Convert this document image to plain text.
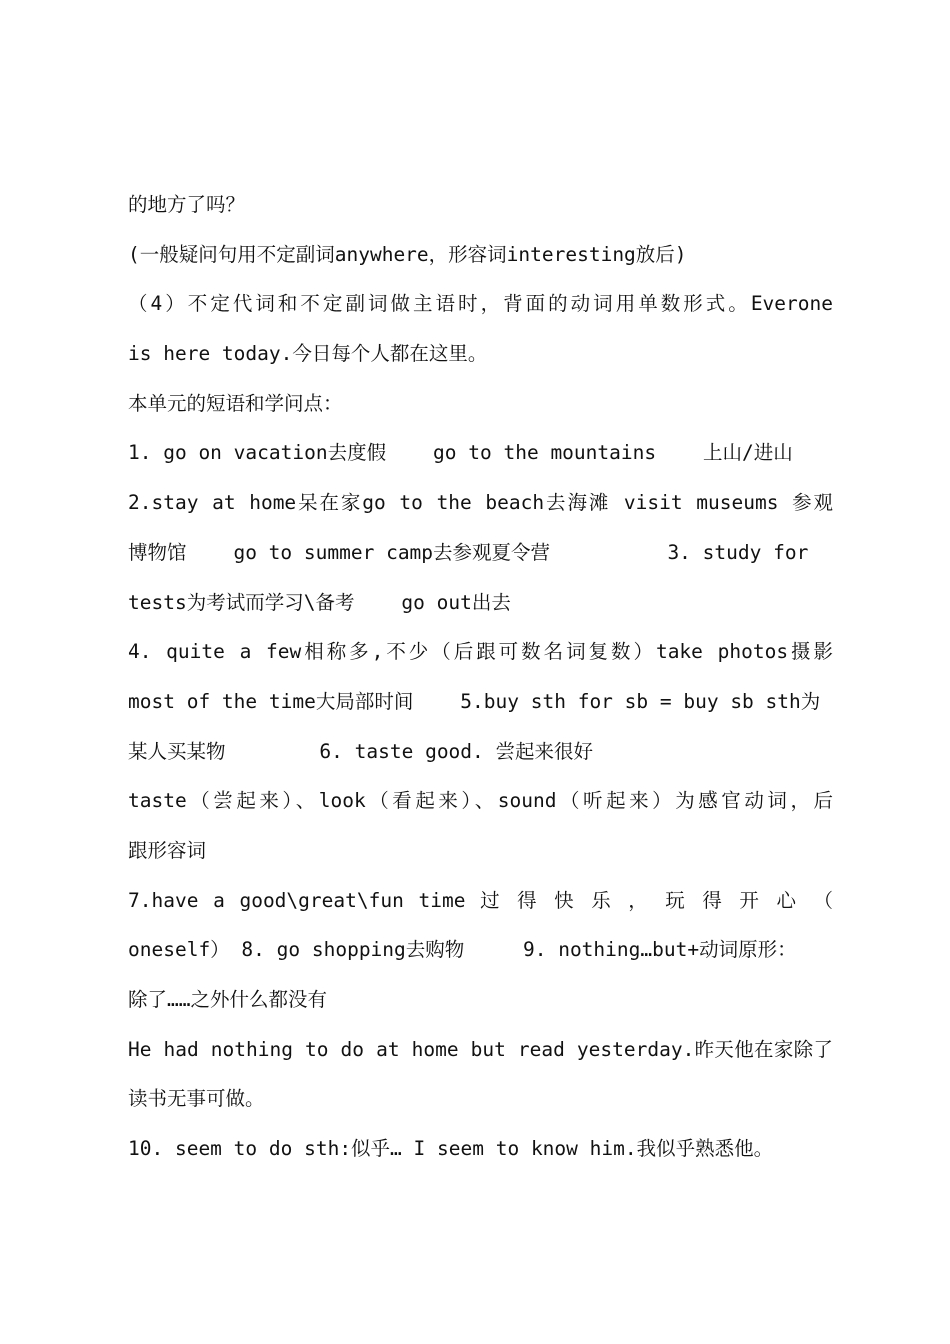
的地方了吗？
(一般疑问句用不定副词anywhere，形容词interesting放后)
（4）不定代词和不定副词做主语时，背面的动词用单数形式。Everone
is here today.今日每个人都在这里。
本单元的短语和学问点：
1. go on vacation去度假    go to the mountains    上山/进山
2.stay at home呆在家go to the beach去海滩 visit museums 参观
博物馆    go to summer camp去参观夏令营          3. study for
tests为考试而学习\备考    go out出去
4. quite a few相称多,不少（后跟可数名词复数）take photos摄影
most of the time大局部时间    5.buy sth for sb = buy sb sth为
某人买某物        6. taste good. 尝起来很好
taste（尝起来）、look（看起来）、sound（听起来）为感官动词，后
跟形容词
7.have a good\great\fun time 过 得 快 乐 ， 玩 得 开 心 （
oneself） 8. go shopping去购物     9. nothing…but+动词原形：
除了……之外什么都没有
He had nothing to do at home but read yesterday.昨天他在家除了
读书无事可做。
10. seem to do sth:似乎… I seem to know him.我似乎熟悉他。
